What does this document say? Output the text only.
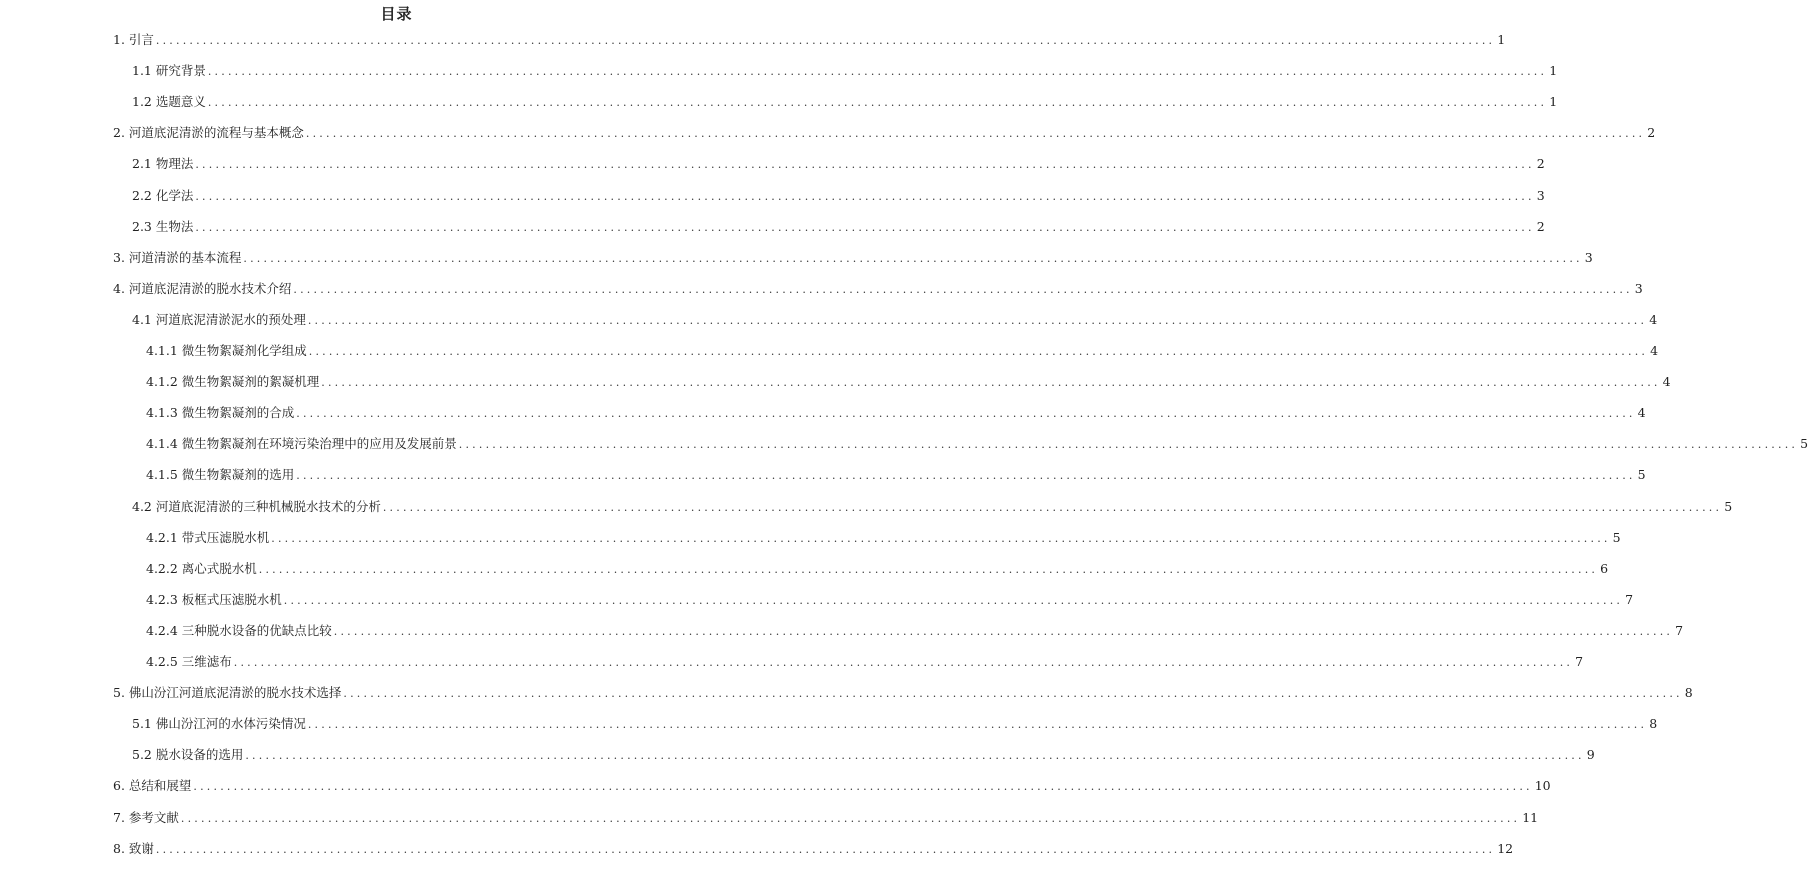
目录
1. 引言 ........................................................................................................................................................................................................ 1
1.1 研究背景 ........................................................................................................................................................................................................ 1
1.2 选题意义 ........................................................................................................................................................................................................ 1
2. 河道底泥清淤的流程与基本概念 ........................................................................................................................................................................................................ 2
2.1 物理法 ........................................................................................................................................................................................................ 2
2.2 化学法 ........................................................................................................................................................................................................ 3
2.3 生物法 ........................................................................................................................................................................................................ 2
3. 河道清淤的基本流程 ........................................................................................................................................................................................................ 3
4. 河道底泥清淤的脱水技术介绍 ........................................................................................................................................................................................................ 3
4.1 河道底泥清淤泥水的预处理 ........................................................................................................................................................................................................ 4
4.1.1 微生物絮凝剂化学组成 ........................................................................................................................................................................................................ 4
4.1.2 微生物絮凝剂的絮凝机理 ........................................................................................................................................................................................................ 4
4.1.3 微生物絮凝剂的合成 ........................................................................................................................................................................................................ 4
4.1.4 微生物絮凝剂在环境污染治理中的应用及发展前景 ........................................................................................................................................................................................................ 5
4.1.5 微生物絮凝剂的选用 ........................................................................................................................................................................................................ 5
4.2 河道底泥清淤的三种机械脱水技术的分析 ........................................................................................................................................................................................................ 5
4.2.1 带式压滤脱水机 ........................................................................................................................................................................................................ 5
4.2.2 离心式脱水机 ........................................................................................................................................................................................................ 6
4.2.3 板框式压滤脱水机 ........................................................................................................................................................................................................ 7
4.2.4 三种脱水设备的优缺点比较 ........................................................................................................................................................................................................ 7
4.2.5 三维滤布 ........................................................................................................................................................................................................ 7
5. 佛山汾江河道底泥清淤的脱水技术选择 ........................................................................................................................................................................................................ 8
5.1 佛山汾江河的水体污染情况 ........................................................................................................................................................................................................ 8
5.2 脱水设备的选用 ........................................................................................................................................................................................................ 9
6. 总结和展望 ........................................................................................................................................................................................................ 10
7. 参考文献 ........................................................................................................................................................................................................ 11
8. 致谢 ........................................................................................................................................................................................................ 12
